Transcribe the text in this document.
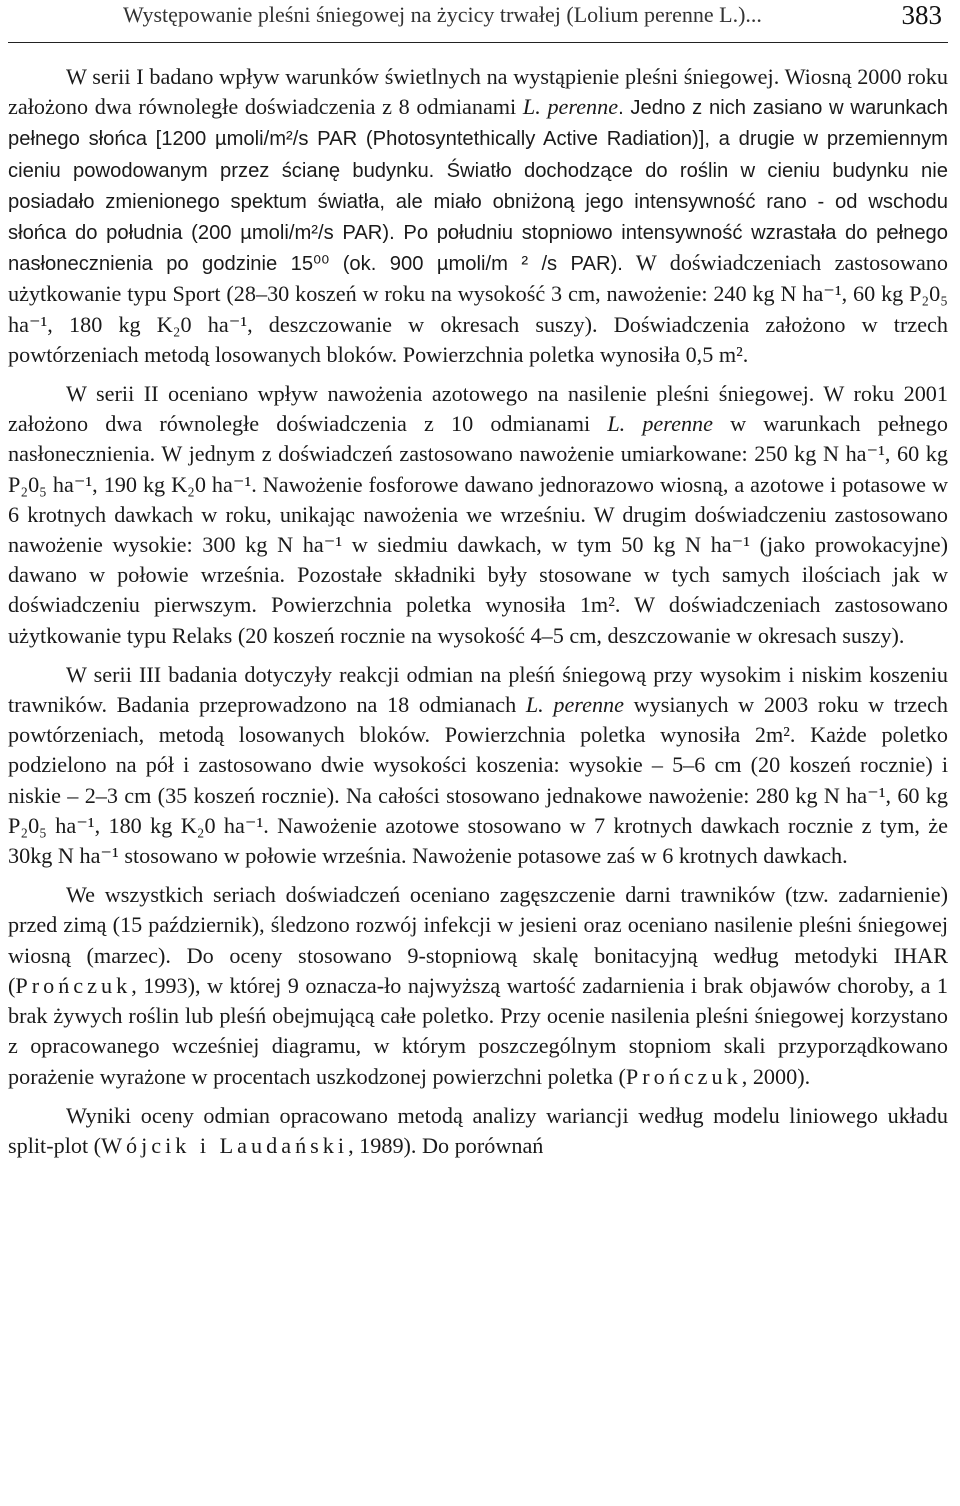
Występowanie pleśni śniegowej na życicy trwałej (Lolium perenne L.)...	383

W serii I badano wpływ warunków świetlnych na wystąpienie pleśni śniegowej. Wiosną 2000 roku założono dwa równoległe doświadczenia z 8 odmianami L. perenne. Jedno z nich zasiano w warunkach pełnego słońca [1200 µmoli/m²/s PAR (Photosyntethically Active Radiation)], a drugie w przemiennym cieniu powodowanym przez ścianę budynku. Światło dochodzące do roślin w cieniu budynku nie posiadało zmienionego spektum światła, ale miało obniżoną jego intensywność rano - od wschodu słońca do południa (200 µmoli/m²/s PAR). Po południu stopniowo intensywność wzrastała do pełnego nasłonecznienia po godzinie 15⁰⁰ (ok. 900 µmoli/m ² /s PAR). W doświadczeniach zastosowano użytkowanie typu Sport (28–30 koszeń w roku na wysokość 3 cm, nawożenie: 240 kg N ha⁻¹, 60 kg P₂0₅ ha⁻¹, 180 kg K₂0 ha⁻¹, deszczowanie w okresach suszy). Doświadczenia założono w trzech powtórzeniach metodą losowanych bloków. Powierzchnia poletka wynosiła 0,5 m².

W serii II oceniano wpływ nawożenia azotowego na nasilenie pleśni śniegowej. W roku 2001 założono dwa równoległe doświadczenia z 10 odmianami L. perenne w warunkach pełnego nasłonecznienia. W jednym z doświadczeń zastosowano nawożenie umiarkowane: 250 kg N ha⁻¹, 60 kg P₂0₅ ha⁻¹, 190 kg K₂0 ha⁻¹. Nawożenie fosforowe dawano jednorazowo wiosną, a azotowe i potasowe w 6 krotnych dawkach w roku, unikając nawożenia we wrześniu. W drugim doświadczeniu zastosowano nawożenie wysokie: 300 kg N ha⁻¹ w siedmiu dawkach, w tym 50 kg N ha⁻¹ (jako prowokacyjne) dawano w połowie września. Pozostałe składniki były stosowane w tych samych ilościach jak w doświadczeniu pierwszym. Powierzchnia poletka wynosiła 1m². W doświadczeniach zastosowano użytkowanie typu Relaks (20 koszeń rocznie na wysokość 4–5 cm, deszczowanie w okresach suszy).

W serii III badania dotyczyły reakcji odmian na pleśń śniegową przy wysokim i niskim koszeniu trawników. Badania przeprowadzono na 18 odmianach L. perenne wysianych w 2003 roku w trzech powtórzeniach, metodą losowanych bloków. Powierzchnia poletka wynosiła 2m². Każde poletko podzielono na pół i zastosowano dwie wysokości koszenia: wysokie – 5–6 cm (20 koszeń rocznie) i niskie – 2–3 cm (35 koszeń rocznie). Na całości stosowano jednakowe nawożenie: 280 kg N ha⁻¹, 60 kg P₂0₅ ha⁻¹, 180 kg K₂0 ha⁻¹. Nawożenie azotowe stosowano w 7 krotnych dawkach rocznie z tym, że 30kg N ha⁻¹ stosowano w połowie września. Nawożenie potasowe zaś w 6 krotnych dawkach.

We wszystkich seriach doświadczeń oceniano zagęszczenie darni trawników (tzw. zadarnienie) przed zimą (15 październik), śledzono rozwój infekcji w jesieni oraz oceniano nasilenie pleśni śniegowej wiosną (marzec). Do oceny stosowano 9-stopniową skalę bonitacyjną według metodyki IHAR (Prończuk, 1993), w której 9 oznacza-ło najwyższą wartość zadarnienia i brak objawów choroby, a 1 brak żywych roślin lub pleśń obejmującą całe poletko. Przy ocenie nasilenia pleśni śniegowej korzystano z opracowanego wcześniej diagramu, w którym poszczególnym stopniom skali przyporządkowano porażenie wyrażone w procentach uszkodzonej powierzchni poletka (Prończuk, 2000).

Wyniki oceny odmian opracowano metodą analizy wariancji według modelu liniowego układu split-plot (Wójcik i Laudański, 1989). Do porównań
